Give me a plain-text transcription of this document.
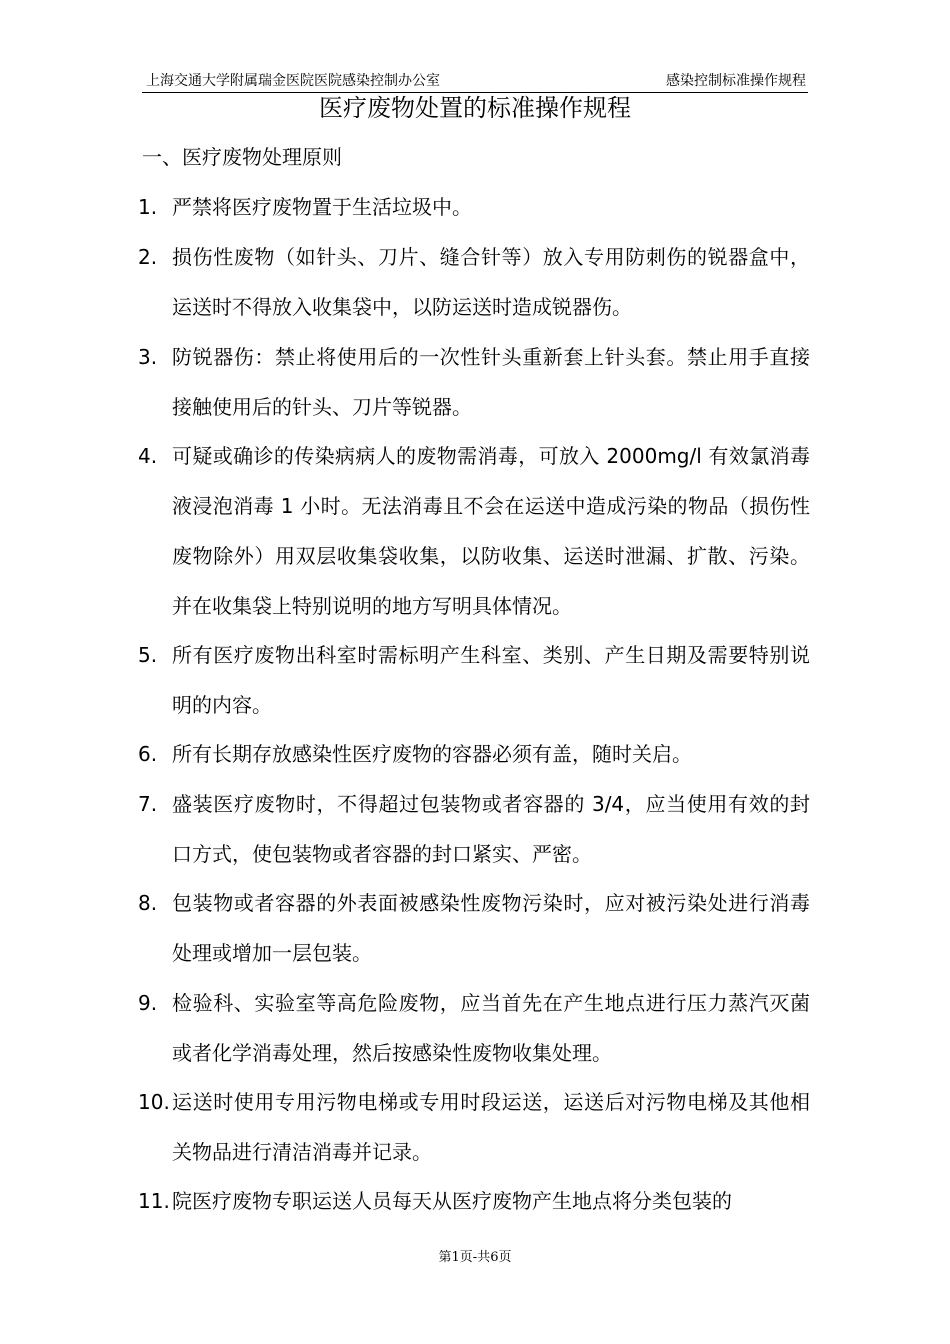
上海交通大学附属瑞金医院医院感染控制办公室	感染控制标准操作规程
医疗废物处置的标准操作规程
一、医疗废物处理原则
1. 严禁将医疗废物置于生活垃圾中。
2. 损伤性废物（如针头、刀片、缝合针等）放入专用防刺伤的锐器盒中，运送时不得放入收集袋中，以防运送时造成锐器伤。
3. 防锐器伤：禁止将使用后的一次性针头重新套上针头套。禁止用手直接接触使用后的针头、刀片等锐器。
4. 可疑或确诊的传染病病人的废物需消毒，可放入 2000mg/l 有效氯消毒液浸泡消毒 1 小时。无法消毒且不会在运送中造成污染的物品（损伤性废物除外）用双层收集袋收集，以防收集、运送时泄漏、扩散、污染。并在收集袋上特别说明的地方写明具体情况。
5. 所有医疗废物出科室时需标明产生科室、类别、产生日期及需要特别说明的内容。
6. 所有长期存放感染性医疗废物的容器必须有盖，随时关启。
7. 盛装医疗废物时，不得超过包装物或者容器的 3/4，应当使用有效的封口方式，使包装物或者容器的封口紧实、严密。
8. 包装物或者容器的外表面被感染性废物污染时，应对被污染处进行消毒处理或增加一层包装。
9. 检验科、实验室等高危险废物，应当首先在产生地点进行压力蒸汽灭菌或者化学消毒处理，然后按感染性废物收集处理。
10. 运送时使用专用污物电梯或专用时段运送，运送后对污物电梯及其他相关物品进行清洁消毒并记录。
11. 院医疗废物专职运送人员每天从医疗废物产生地点将分类包装的
第1页-共6页
